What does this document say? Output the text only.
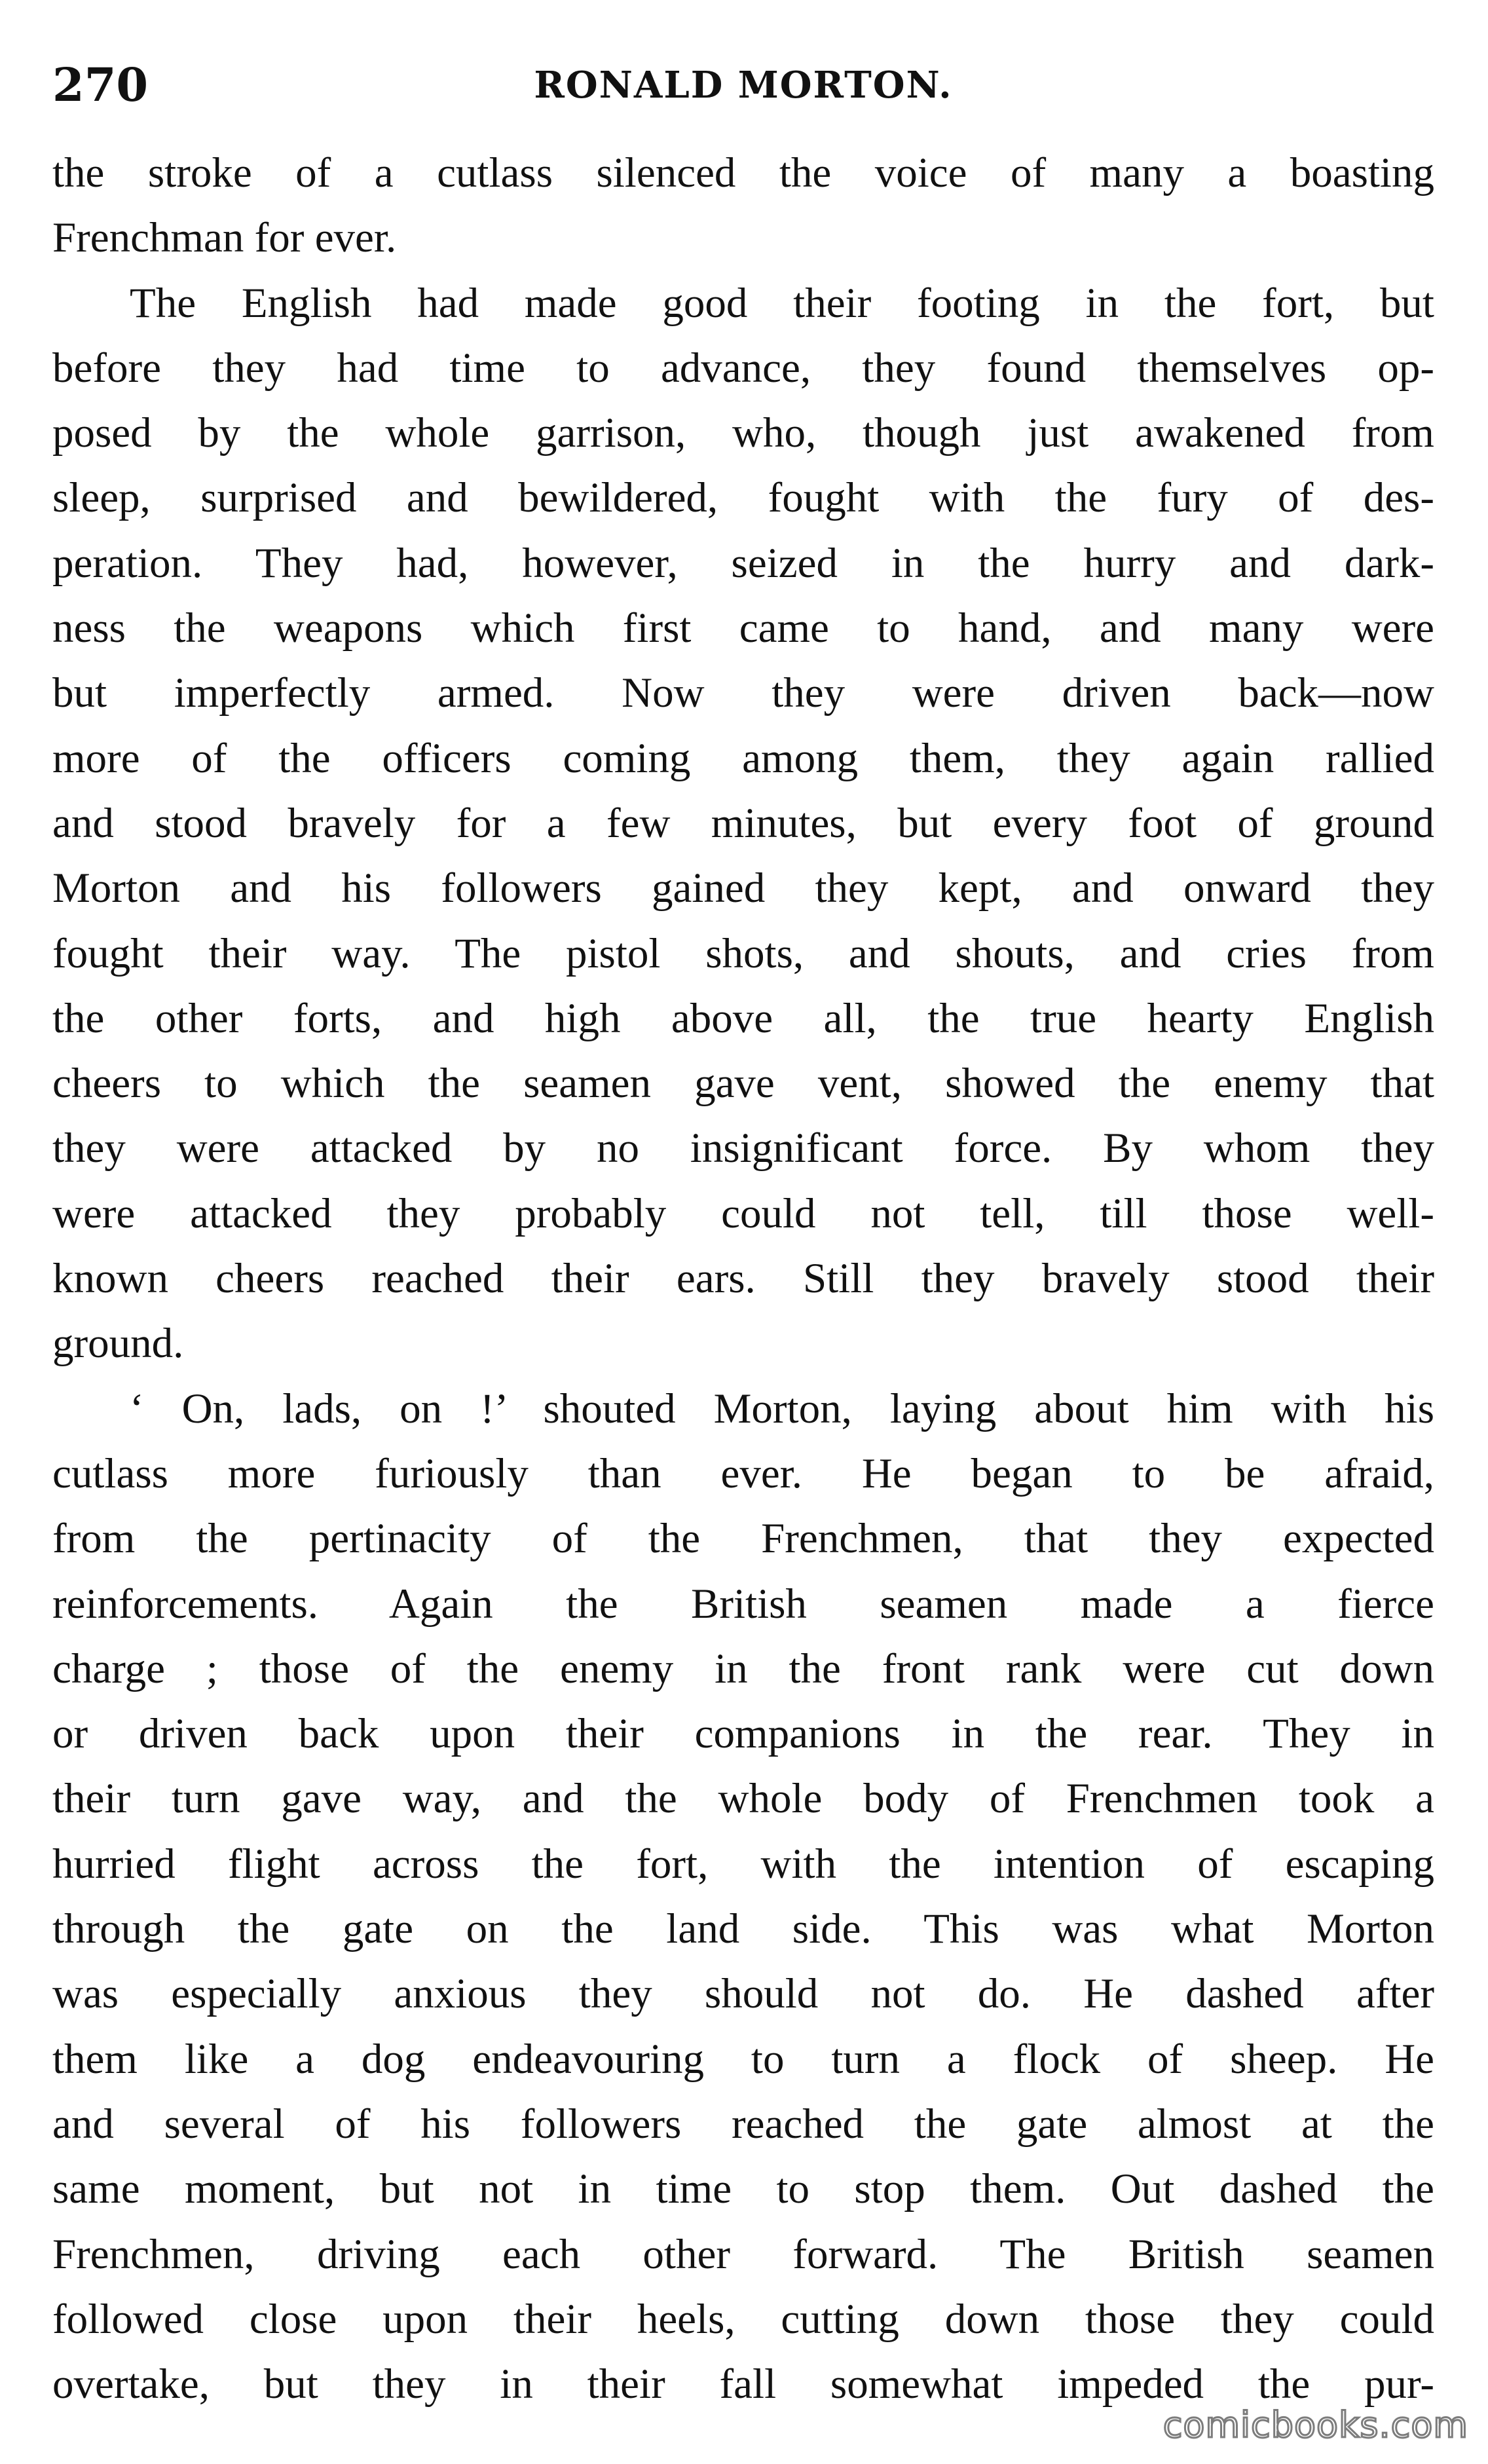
270	RONALD MORTON.
the stroke of a cutlass silenced the voice of many a boasting
Frenchman for ever.
The English had made good their footing in the fort, but
before they had time to advance, they found themselves op-
posed by the whole garrison, who, though just awakened from
sleep, surprised and bewildered, fought with the fury of des-
peration. They had, however, seized in the hurry and dark-
ness the weapons which first came to hand, and many were
but imperfectly armed. Now they were driven back—now
more of the officers coming among them, they again rallied
and stood bravely for a few minutes, but every foot of ground
Morton and his followers gained they kept, and onward they
fought their way. The pistol shots, and shouts, and cries from
the other forts, and high above all, the true hearty English
cheers to which the seamen gave vent, showed the enemy that
they were attacked by no insignificant force. By whom they
were attacked they probably could not tell, till those well-
known cheers reached their ears. Still they bravely stood their
ground.
‘ On, lads, on !’ shouted Morton, laying about him with his
cutlass more furiously than ever. He began to be afraid,
from the pertinacity of the Frenchmen, that they expected
reinforcements. Again the British seamen made a fierce
charge ; those of the enemy in the front rank were cut down
or driven back upon their companions in the rear. They in
their turn gave way, and the whole body of Frenchmen took a
hurried flight across the fort, with the intention of escaping
through the gate on the land side. This was what Morton
was especially anxious they should not do. He dashed after
them like a dog endeavouring to turn a flock of sheep. He
and several of his followers reached the gate almost at the
same moment, but not in time to stop them. Out dashed the
Frenchmen, driving each other forward. The British seamen
followed close upon their heels, cutting down those they could
overtake, but they in their fall somewhat impeded the pur-
comicbooks.com
